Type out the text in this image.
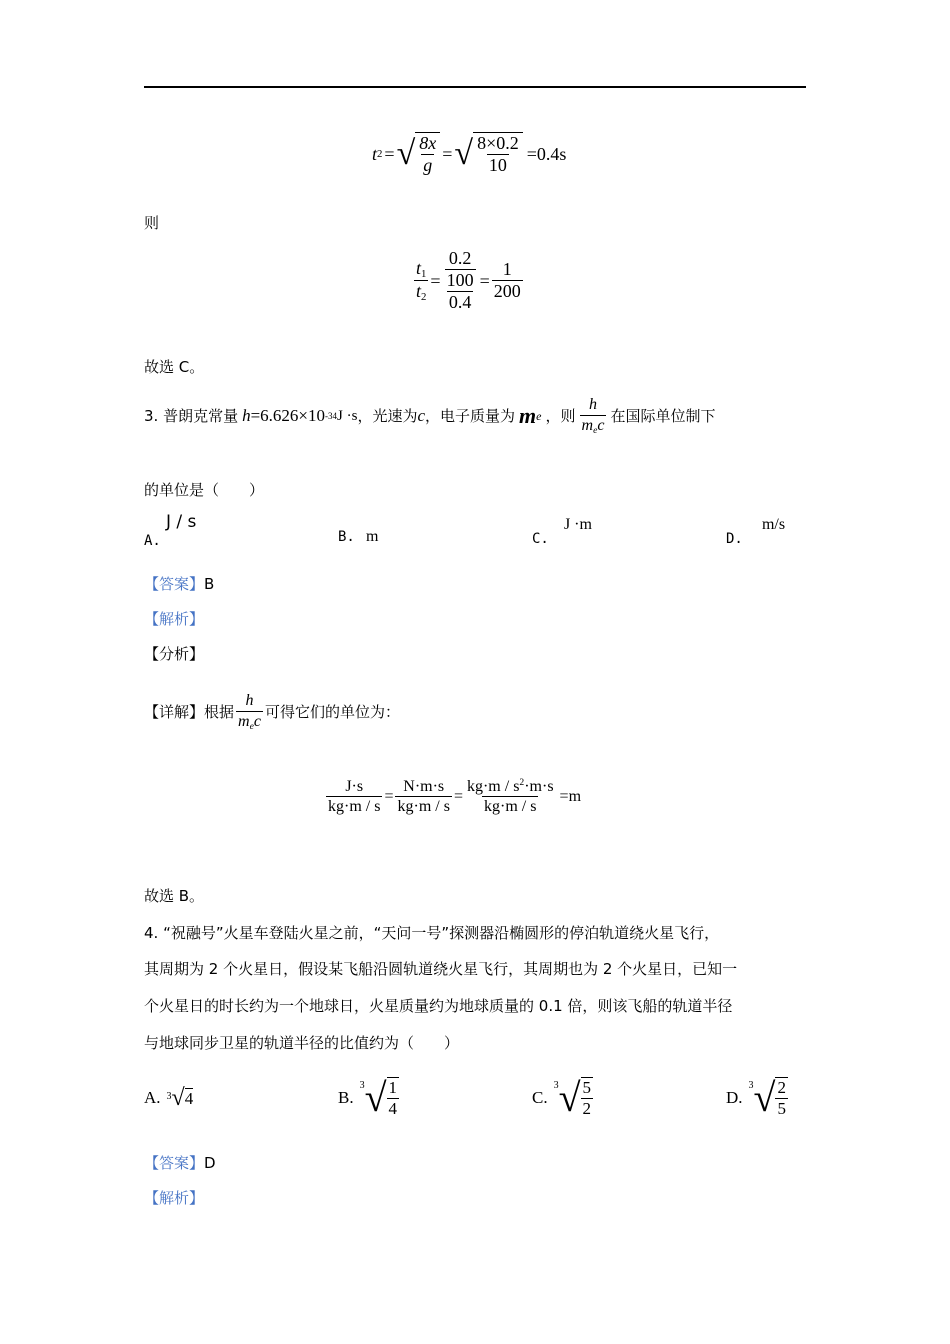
t 2 = √ $\frac{8x}{g}$ = √ $\frac{8\times 0.2}{10} =0.4s$
则
$\frac{t_1}{t_2} = \frac{\frac{0.2}{100}}{0.4} = \frac{1}{200}$
故选 C。
3. 普朗克常量 h =6.626×10 -34 J ·s ，光速为 c ，电子质量为 m e ，则 $\frac{h}{m_ec}$ 在国际单位制下
的单位是（　　）
A. J / s
B. m	C. J ·m
D. m/s
【答案】B
【解析】
【分析】
【详解】 根据 $\frac{h}{m_ec}$ 可得它们的单位为：
$\frac{J\cdot s}{kg\cdot m / s} = \frac{N\cdot m\cdot s}{kg\cdot m / s} = \frac{kg\cdot m / s^2\cdot m\cdot s}{kg\cdot m / s} =m$
故选 B。
4. “祝融号”火星车登陆火星之前，“天问一号”探测器沿椭圆形的停泊轨道绕火星飞行，
其周期为 2 个火星日，假设某飞船沿圆轨道绕火星飞行，其周期也为 2 个火星日，已知一
个火星日的时长约为一个地球日，火星质量约为地球质量的 0.1 倍，则该飞船的轨道半径
与地球同步卫星的轨道半径的比值约为（　　）
A. 3 √ 4	B.
3 √ $\frac{1}{4}$	C.
3 √ $\frac{5}{2}$	D.
3 √ $\frac{2}{5}$
【答案】D
【解析】
